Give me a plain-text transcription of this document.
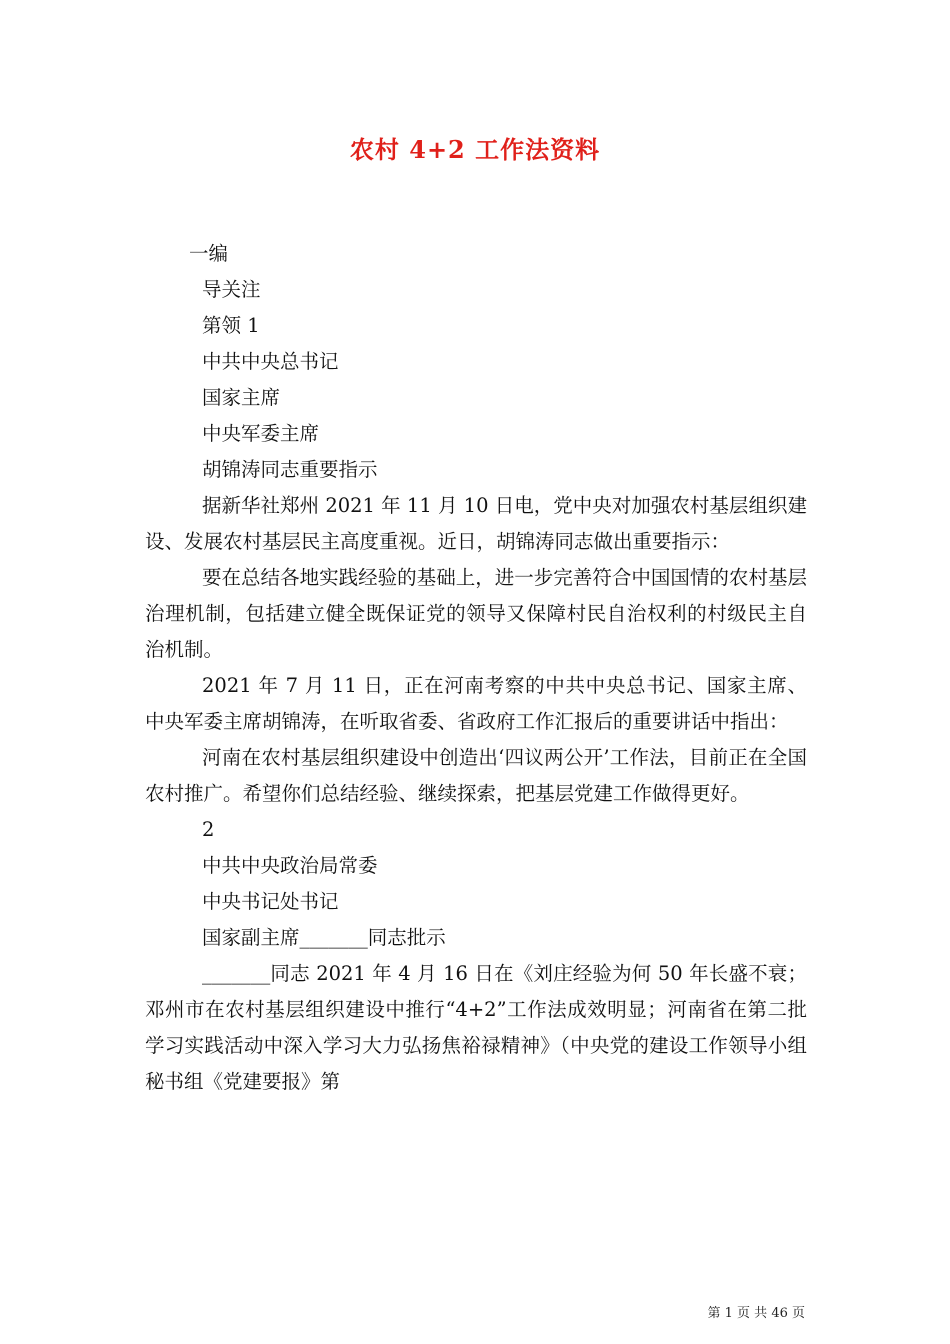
农村 4+2 工作法资料

一编

导关注

第领 1

中共中央总书记

国家主席

中央军委主席

胡锦涛同志重要指示

据新华社郑州 2021 年 11 月 10 日电，党中央对加强农村基层组织建设、发展农村基层民主高度重视。近日，胡锦涛同志做出重要指示：

要在总结各地实践经验的基础上，进一步完善符合中国国情的农村基层治理机制，包括建立健全既保证党的领导又保障村民自治权利的村级民主自治机制。

2021 年 7 月 11 日，正在河南考察的中共中央总书记、国家主席、中央军委主席胡锦涛，在听取省委、省政府工作汇报后的重要讲话中指出：

河南在农村基层组织建设中创造出‘四议两公开’工作法，目前正在全国农村推广。希望你们总结经验、继续探索，把基层党建工作做得更好。

2

中共中央政治局常委

中央书记处书记

国家副主席_______同志批示

_______同志 2021 年 4 月 16 日在《刘庄经验为何 50 年长盛不衰；邓州市在农村基层组织建设中推行“4+2”工作法成效明显；河南省在第二批学习实践活动中深入学习大力弘扬焦裕禄精神》（中央党的建设工作领导小组秘书组《党建要报》第

第 1 页 共 46 页
